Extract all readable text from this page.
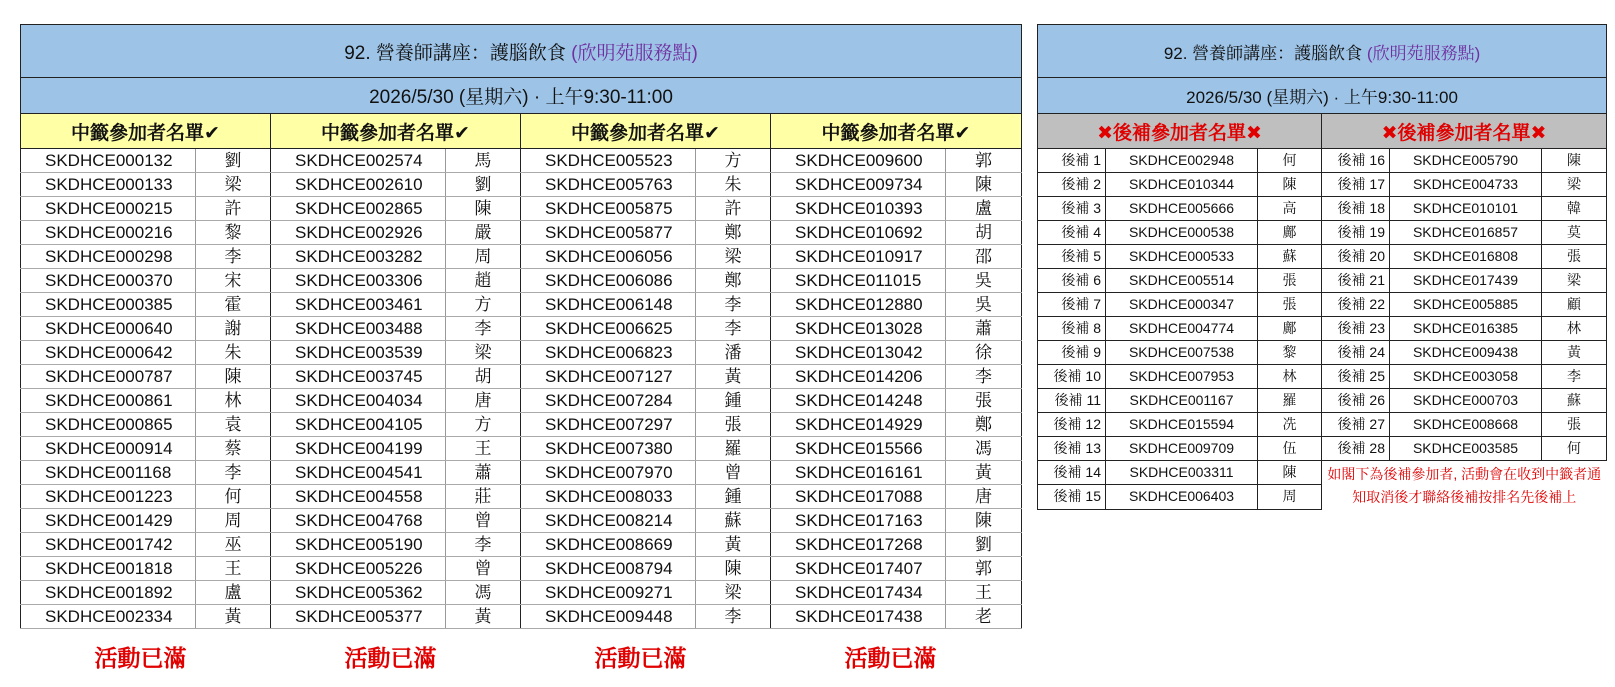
92. 營養師講座：護腦飲食 (欣明苑服務點)							
2026/5/30 (星期六) · 上午9:30-11:00							
中籤參加者名單✔		中籤參加者名單✔		中籤參加者名單✔		中籤參加者名單✔	
SKDHCE000132	劉	SKDHCE002574	馬	SKDHCE005523	方	SKDHCE009600	郭
SKDHCE000133	梁	SKDHCE002610	劉	SKDHCE005763	朱	SKDHCE009734	陳
SKDHCE000215	許	SKDHCE002865	陳	SKDHCE005875	許	SKDHCE010393	盧
SKDHCE000216	黎	SKDHCE002926	嚴	SKDHCE005877	鄭	SKDHCE010692	胡
SKDHCE000298	李	SKDHCE003282	周	SKDHCE006056	梁	SKDHCE010917	邵
SKDHCE000370	宋	SKDHCE003306	趙	SKDHCE006086	鄭	SKDHCE011015	吳
SKDHCE000385	霍	SKDHCE003461	方	SKDHCE006148	李	SKDHCE012880	吳
SKDHCE000640	謝	SKDHCE003488	李	SKDHCE006625	李	SKDHCE013028	蕭
SKDHCE000642	朱	SKDHCE003539	梁	SKDHCE006823	潘	SKDHCE013042	徐
SKDHCE000787	陳	SKDHCE003745	胡	SKDHCE007127	黃	SKDHCE014206	李
SKDHCE000861	林	SKDHCE004034	唐	SKDHCE007284	鍾	SKDHCE014248	張
SKDHCE000865	袁	SKDHCE004105	方	SKDHCE007297	張	SKDHCE014929	鄭
SKDHCE000914	蔡	SKDHCE004199	王	SKDHCE007380	羅	SKDHCE015566	馮
SKDHCE001168	李	SKDHCE004541	蕭	SKDHCE007970	曾	SKDHCE016161	黃
SKDHCE001223	何	SKDHCE004558	莊	SKDHCE008033	鍾	SKDHCE017088	唐
SKDHCE001429	周	SKDHCE004768	曾	SKDHCE008214	蘇	SKDHCE017163	陳
SKDHCE001742	巫	SKDHCE005190	李	SKDHCE008669	黃	SKDHCE017268	劉
SKDHCE001818	王	SKDHCE005226	曾	SKDHCE008794	陳	SKDHCE017407	郭
SKDHCE001892	盧	SKDHCE005362	馮	SKDHCE009271	梁	SKDHCE017434	王
SKDHCE002334	黃	SKDHCE005377	黃	SKDHCE009448	李	SKDHCE017438	老
活動已滿	活動已滿	活動已滿	活動已滿
92. 營養師講座：護腦飲食 (欣明苑服務點)					
2026/5/30 (星期六) · 上午9:30-11:00					
✖後補參加者名單✖			✖後補參加者名單✖		
後補 1	SKDHCE002948	何	後補 16	SKDHCE005790	陳
後補 2	SKDHCE010344	陳	後補 17	SKDHCE004733	梁
後補 3	SKDHCE005666	高	後補 18	SKDHCE010101	韓
後補 4	SKDHCE000538	鄺	後補 19	SKDHCE016857	莫
後補 5	SKDHCE000533	蘇	後補 20	SKDHCE016808	張
後補 6	SKDHCE005514	張	後補 21	SKDHCE017439	梁
後補 7	SKDHCE000347	張	後補 22	SKDHCE005885	顧
後補 8	SKDHCE004774	鄺	後補 23	SKDHCE016385	林
後補 9	SKDHCE007538	黎	後補 24	SKDHCE009438	黃
後補 10	SKDHCE007953	林	後補 25	SKDHCE003058	李
後補 11	SKDHCE001167	羅	後補 26	SKDHCE000703	蘇
後補 12	SKDHCE015594	冼	後補 27	SKDHCE008668	張
後補 13	SKDHCE009709	伍	後補 28	SKDHCE003585	何
後補 14	SKDHCE003311	陳	如閣下為後補參加者, 活動會在收到中籤者通知取消後才聯絡後補按排名先後補上		
後補 15	SKDHCE006403	周			
